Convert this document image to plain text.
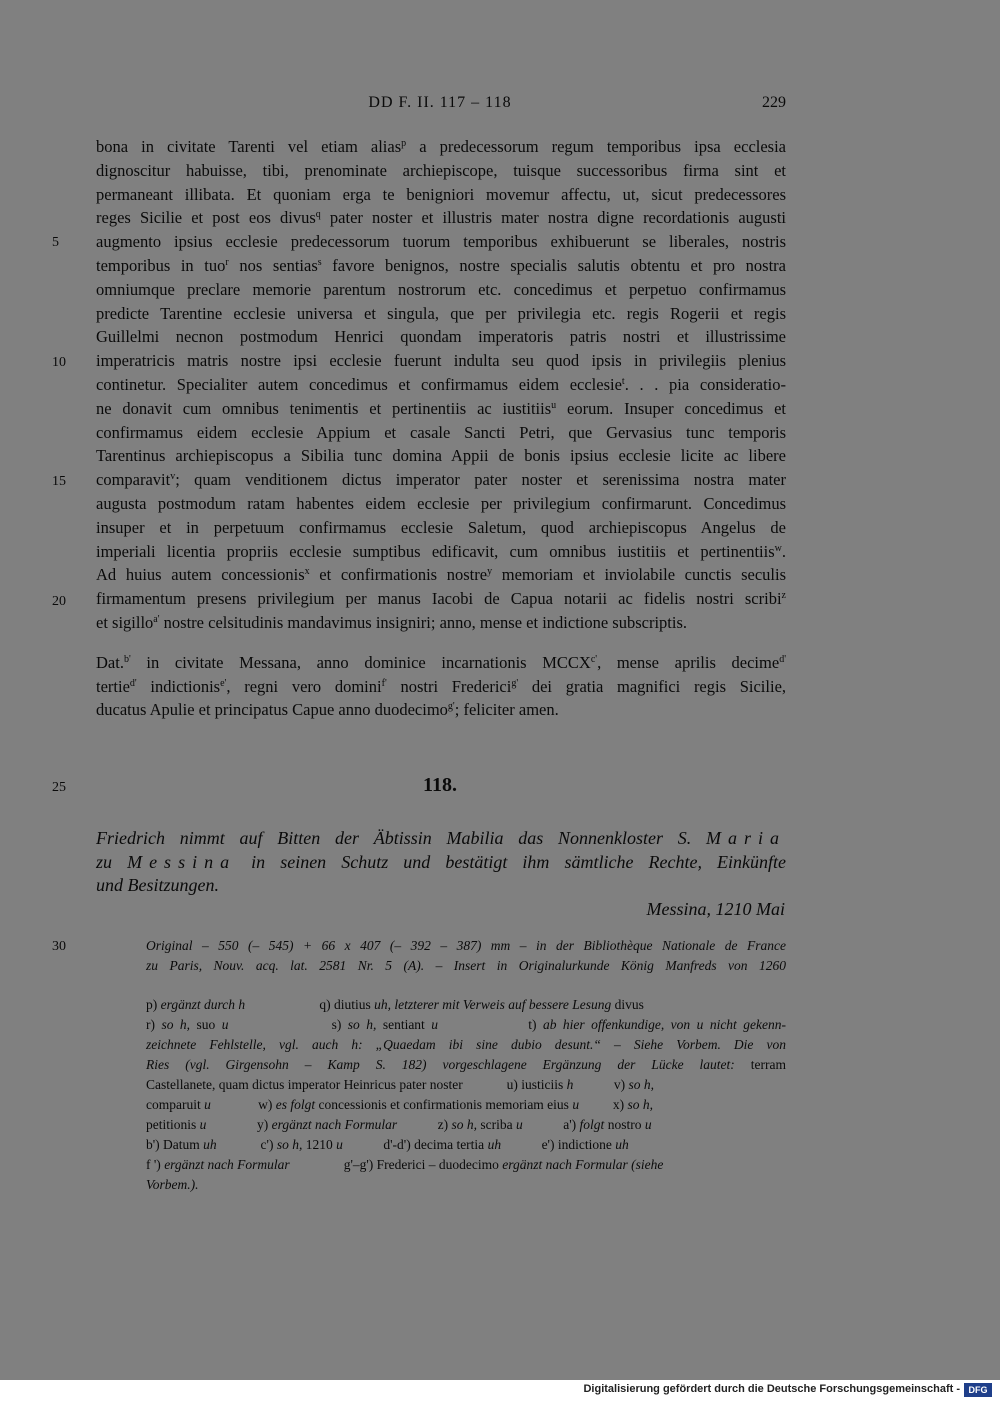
DD F. II. 117 – 118	229
bona in civitate Tarenti vel etiam alias$^p$ a predecessorum regum temporibus ipsa ecclesia
dignoscitur habuisse, tibi, prenominate archiepiscope, tuisque successoribus firma sint et
permaneant illibata. Et quoniam erga te benigniori movemur affectu, ut, sicut predecessores
reges Sicilie et post eos divus$^q$ pater noster et illustris mater nostra digne recordationis augusti
augmento ipsius ecclesie predecessorum tuorum temporibus exhibuerunt se liberales, nostris
temporibus in tuo$^r$ nos sentias$^s$ favore benignos, nostre specialis salutis obtentu et pro nostra
omniumque preclare memorie parentum nostrorum etc. concedimus et perpetuo confirmamus
predicte Tarentine ecclesie universa et singula, que per privilegia etc. regis Rogerii et regis
Guillelmi necnon postmodum Henrici quondam imperatoris patris nostri et illustrissime
imperatricis matris nostre ipsi ecclesie fuerunt indulta seu quod ipsis in privilegiis plenius
continetur. Specialiter autem concedimus et confirmamus eidem ecclesie$^t$. . . pia consideratio-
ne donavit cum omnibus tenimentis et pertinentiis ac iustitiis$^u$ eorum. Insuper concedimus et
confirmamus eidem ecclesie Appium et casale Sancti Petri, que Gervasius tunc temporis
Tarentinus archiepiscopus a Sibilia tunc domina Appii de bonis ipsius ecclesie licite ac libere
comparavit$^v$; quam venditionem dictus imperator pater noster et serenissima nostra mater
augusta postmodum ratam habentes eidem ecclesie per privilegium confirmarunt. Concedimus
insuper et in perpetuum confirmamus ecclesie Saletum, quod archiepiscopus Angelus de
imperiali licentia propriis ecclesie sumptibus edificavit, cum omnibus iustitiis et pertinentiis$^w$.
Ad huius autem concessionis$^x$ et confirmationis nostre$^y$ memoriam et inviolabile cunctis seculis
firmamentum presens privilegium per manus Iacobi de Capua notarii ac fidelis nostri scribi$^z$
et sigillo$^{a'}$ nostre celsitudinis mandavimus insigniri; anno, mense et indictione subscriptis.
Dat.$^{b'}$ in civitate Messana, anno dominice incarnationis $MCCX^{c'}$, mense aprilis decime$^{d'}$
tertie$^{d'}$ indictionis$^{e'}$, regni vero domini$^{f'}$ nostri Frederici$^{g'}$ dei gratia magnifici regis Sicilie,
ducatus Apulie et principatus Capue anno duodecimo$^{g'}$; feliciter amen.
5
10
15
20
25
30
118.
Friedrich nimmt auf Bitten der Äbtissin Mabilia das Nonnenkloster S. Maria
zu Messina in seinen Schutz und bestätigt ihm sämtliche Rechte, Einkünfte
und Besitzungen.
Messina, 1210 Mai
Original – 550 (– 545) + 66 x 407 (– 392 – 387) mm – in der Bibliothèque Nationale de France
zu Paris, Nouv. acq. lat. 2581 Nr. 5 (A). – Insert in Originalurkunde König Manfreds von 1260
p) ergänzt durch h                      q) diutius uh, letzterer mit Verweis auf bessere Lesung divus
r) so h, suo u                s) so h, sentiant u              t) ab hier offenkundige, von u nicht gekenn-
zeichnete Fehlstelle, vgl. auch h: „Quaedam ibi sine dubio desunt.“ – Siehe Vorbem. Die von
Ries (vgl. Girgensohn – Kamp S. 182) vorgeschlagene Ergänzung der Lücke lautet: terram
Castellanete, quam dictus imperator Heinricus pater noster             u) iusticiis h            v) so h,
comparuit u              w) es folgt concessionis et confirmationis memoriam eius u          x) so h,
petitionis u               y) ergänzt nach Formular            z) so h, scriba u            a') folgt nostro u
b') Datum uh             c') so h, 1210 u            d'-d') decima tertia uh            e') indictione uh
f ') ergänzt nach Formular                g'–g') Frederici – duodecimo ergänzt nach Formular (siehe
Vorbem.).
Digitalisierung gefördert durch die Deutsche Forschungsgemeinschaft - DFG
